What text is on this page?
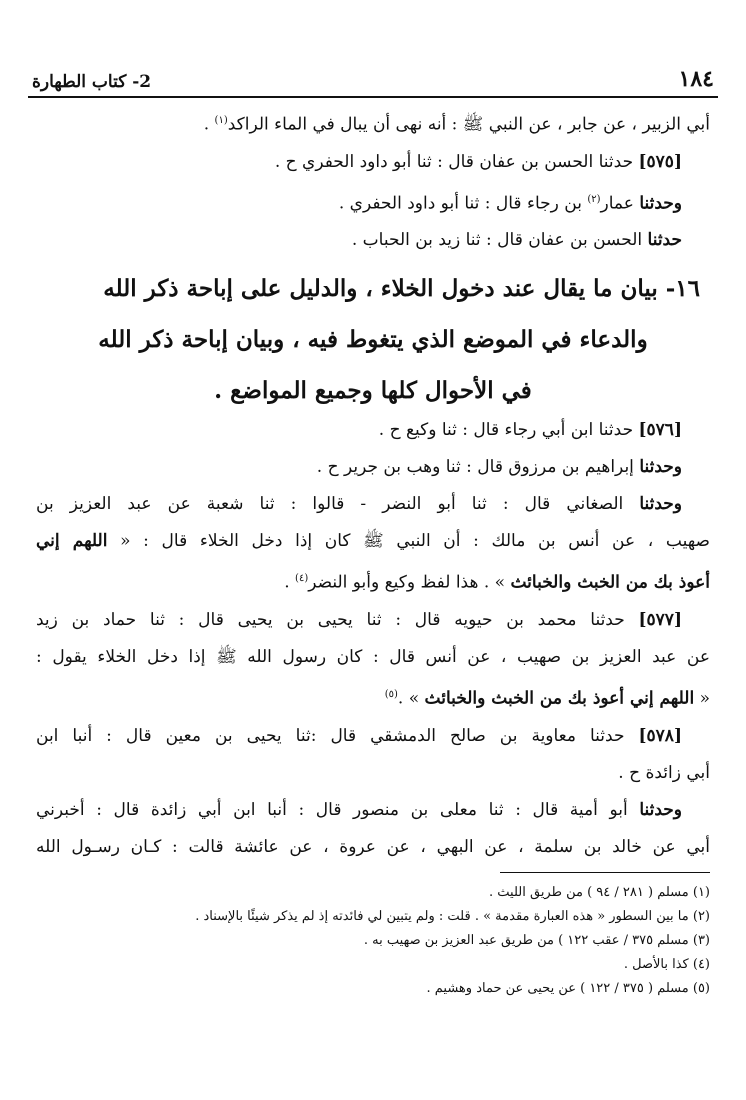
١٨٤
2- كتاب الطهارة
أبي الزبير ، عن جابر ، عن النبي ﷺ : أنه نهى أن يبال في الماء الراكد$^{(١)}$ .
[٥٧٥] حدثنا الحسن بن عفان قال : ثنا أبو داود الحفري ح .
وحدثنا عمار$^{(٢)}$ بن رجاء قال : ثنا أبو داود الحفري .
حدثنا الحسن بن عفان قال : ثنا زيد بن الحباب .
١٦- بيان ما يقال عند دخول الخلاء ، والدليل على إباحة ذكر الله
والدعاء في الموضع الذي يتغوط فيه ، وبيان إباحة ذكر الله
في الأحوال كلها وجميع المواضع .
[٥٧٦] حدثنا ابن أبي رجاء قال : ثنا وكيع ح .
وحدثنا إبراهيم بن مرزوق قال : ثنا وهب بن جرير ح .
وحدثنا الصغاني قال : ثنا أبو النضر - قالوا : ثنا شعبة عن عبد العزيز بن
صهيب ، عن أنس بن مالك : أن النبي ﷺ كان إذا دخل الخلاء قال : « اللهم إني
أعوذ بك من الخبث والخبائث » . هذا لفظ وكيع وأبو النضر$^{(٤)}$ .
[٥٧٧] حدثنا محمد بن حيويه قال : ثنا يحيى بن يحيى قال : ثنا حماد بن زيد
عن عبد العزيز بن صهيب ، عن أنس قال : كان رسول الله ﷺ إذا دخل الخلاء يقول :
« اللهم إني أعوذ بك من الخبث والخبائث » .$^{(٥)}$
[٥٧٨] حدثنا معاوية بن صالح الدمشقي قال :ثنا يحيى بن معين قال : أنبا ابن
أبي زائدة ح .
وحدثنا أبو أمية قال : ثنا معلى بن منصور قال : أنبا ابن أبي زائدة قال : أخبرني
أبي عن خالد بن سلمة ، عن البهي ، عن عروة ، عن عائشة قالت : كـان رسـول الله
(١) مسلم ( ٢٨١ / ٩٤ ) من طريق الليث .
(٢) ما بين السطور « هذه العبارة مقدمة » . قلت : ولم يتبين لي فائدته إذ لم يذكر شيئًا بالإسناد .
(٣) مسلم ٣٧٥ / عقب ١٢٢ ) من طريق عبد العزيز بن صهيب به .
(٤) كذا بالأصل .
(٥) مسلم ( ٣٧٥ / ١٢٢ ) عن يحيى عن حماد وهشيم .
